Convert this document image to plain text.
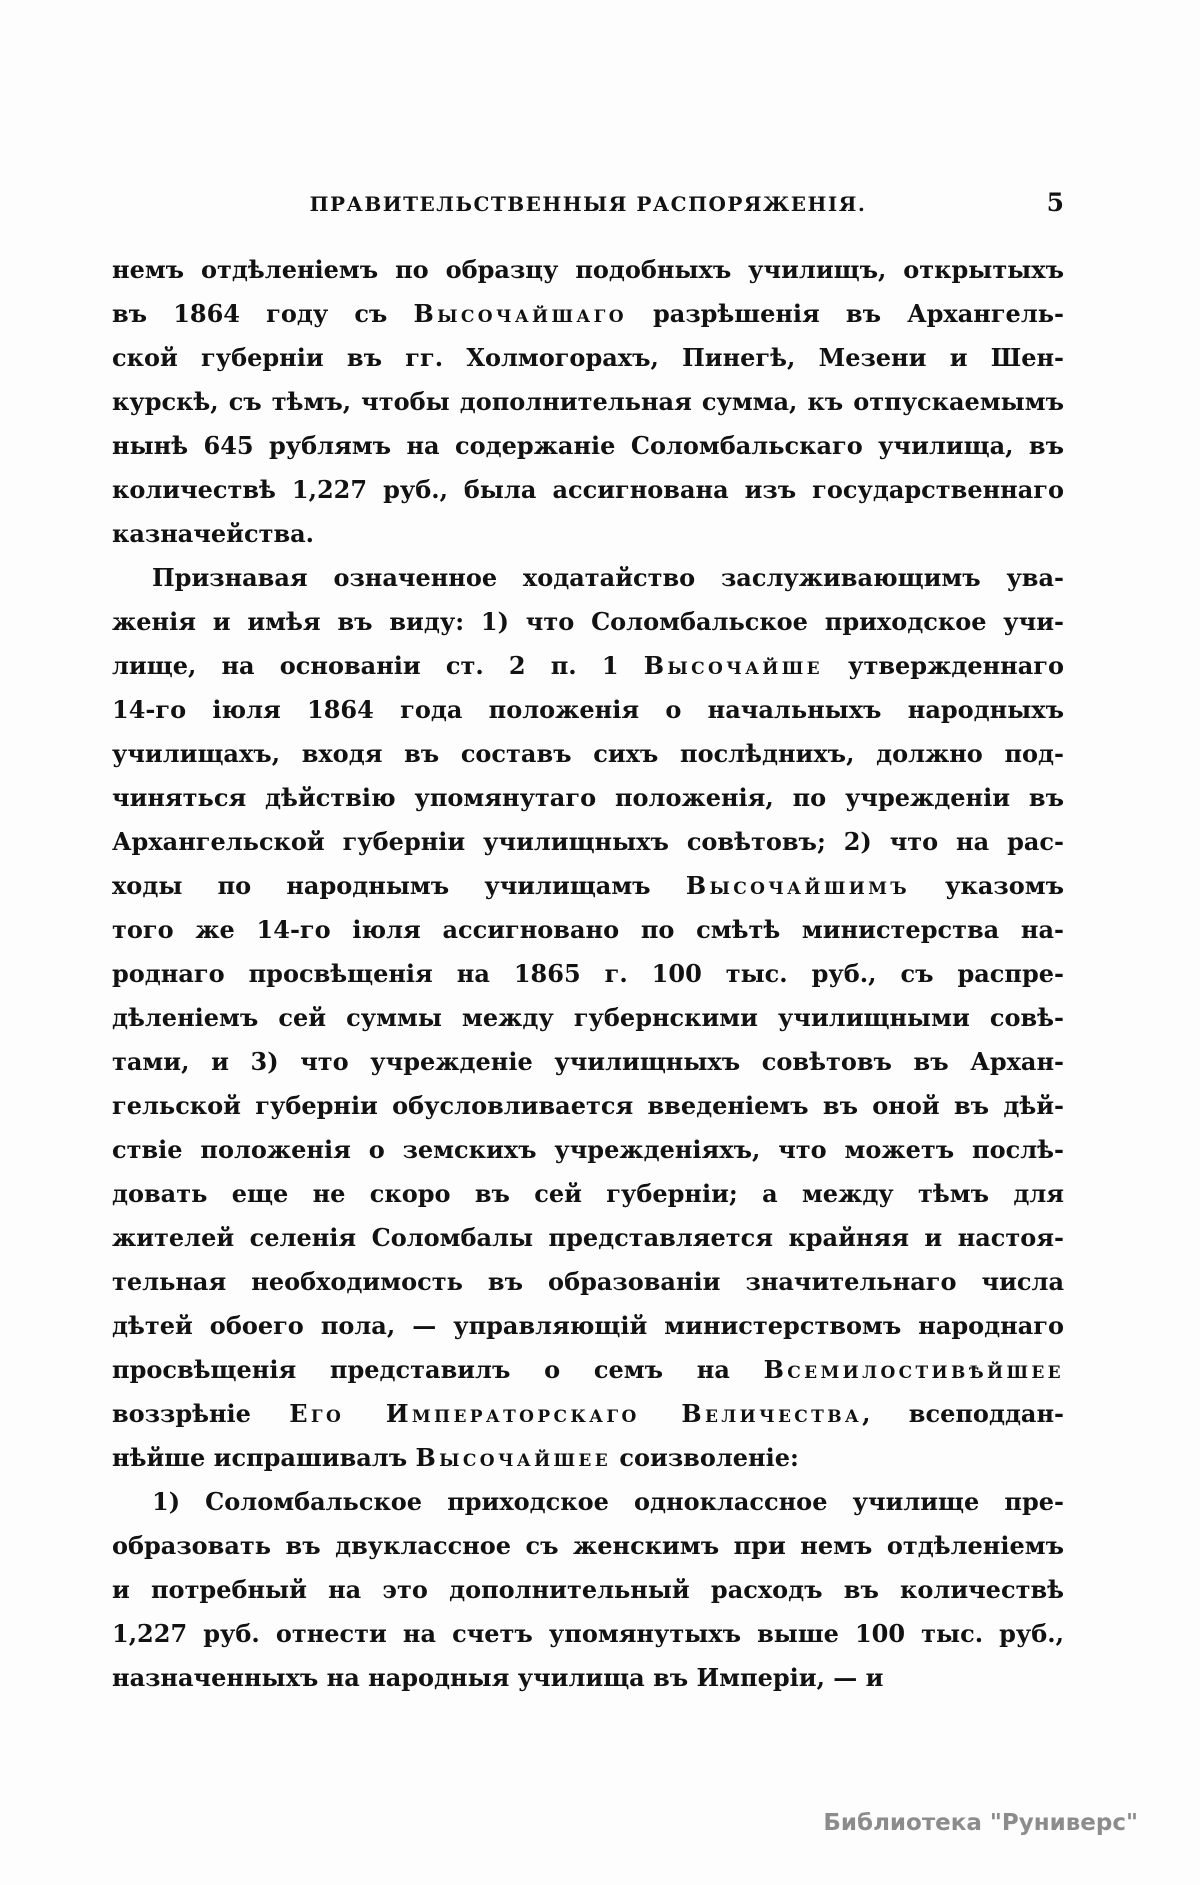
ПРАВИТЕЛЬСТВЕННЫЯ РАСПОРЯЖЕНІЯ.	5
немъ отдѣленіемъ по образцу подобныхъ училищъ, открытыхъ
въ 1864 году съ Высочайшаго разрѣшенія въ Архангель-
ской губерніи въ гг. Холмогорахъ, Пинегѣ, Мезени и Шен-
курскѣ, съ тѣмъ, чтобы дополнительная сумма, къ отпускаемымъ
нынѣ 645 рублямъ на содержаніе Соломбальскаго училища, въ
количествѣ 1,227 руб., была ассигнована изъ государственнаго
казначейства.
Признавая означенное ходатайство заслуживающимъ ува-
женія и имѣя въ виду: 1) что Соломбальское приходское учи-
лище, на основаніи ст. 2 п. 1 Высочайше утвержденнаго
14-го іюля 1864 года положенія о начальныхъ народныхъ
училищахъ, входя въ составъ сихъ послѣднихъ, должно под-
чиняться дѣйствію упомянутаго положенія, по учрежденіи въ
Архангельской губерніи училищныхъ совѣтовъ; 2) что на рас-
ходы по народнымъ училищамъ Высочайшимъ указомъ
того же 14-го іюля ассигновано по смѣтѣ министерства на-
роднаго просвѣщенія на 1865 г. 100 тыс. руб., съ распре-
дѣленіемъ сей суммы между губернскими училищными совѣ-
тами, и 3) что учрежденіе училищныхъ совѣтовъ въ Архан-
гельской губерніи обусловливается введеніемъ въ оной въ дѣй-
ствіе положенія о земскихъ учрежденіяхъ, что можетъ послѣ-
довать еще не скоро въ сей губерніи; а между тѣмъ для
жителей селенія Соломбалы представляется крайняя и настоя-
тельная необходимость въ образованіи значительнаго числа
дѣтей обоего пола, — управляющій министерствомъ народнаго
просвѣщенія представилъ о семъ на Всемилостивѣйшее
воззрѣніе Его Императорскаго Величества, всеподдан-
нѣйше испрашивалъ Высочайшее соизволеніе:
1) Соломбальское приходское одноклассное училище пре-
образовать въ двуклассное съ женскимъ при немъ отдѣленіемъ
и потребный на это дополнительный расходъ въ количествѣ
1,227 руб. отнести на счетъ упомянутыхъ выше 100 тыс. руб.,
назначенныхъ на народныя училища въ Имперіи, — и
Библиотека "Руниверс"
